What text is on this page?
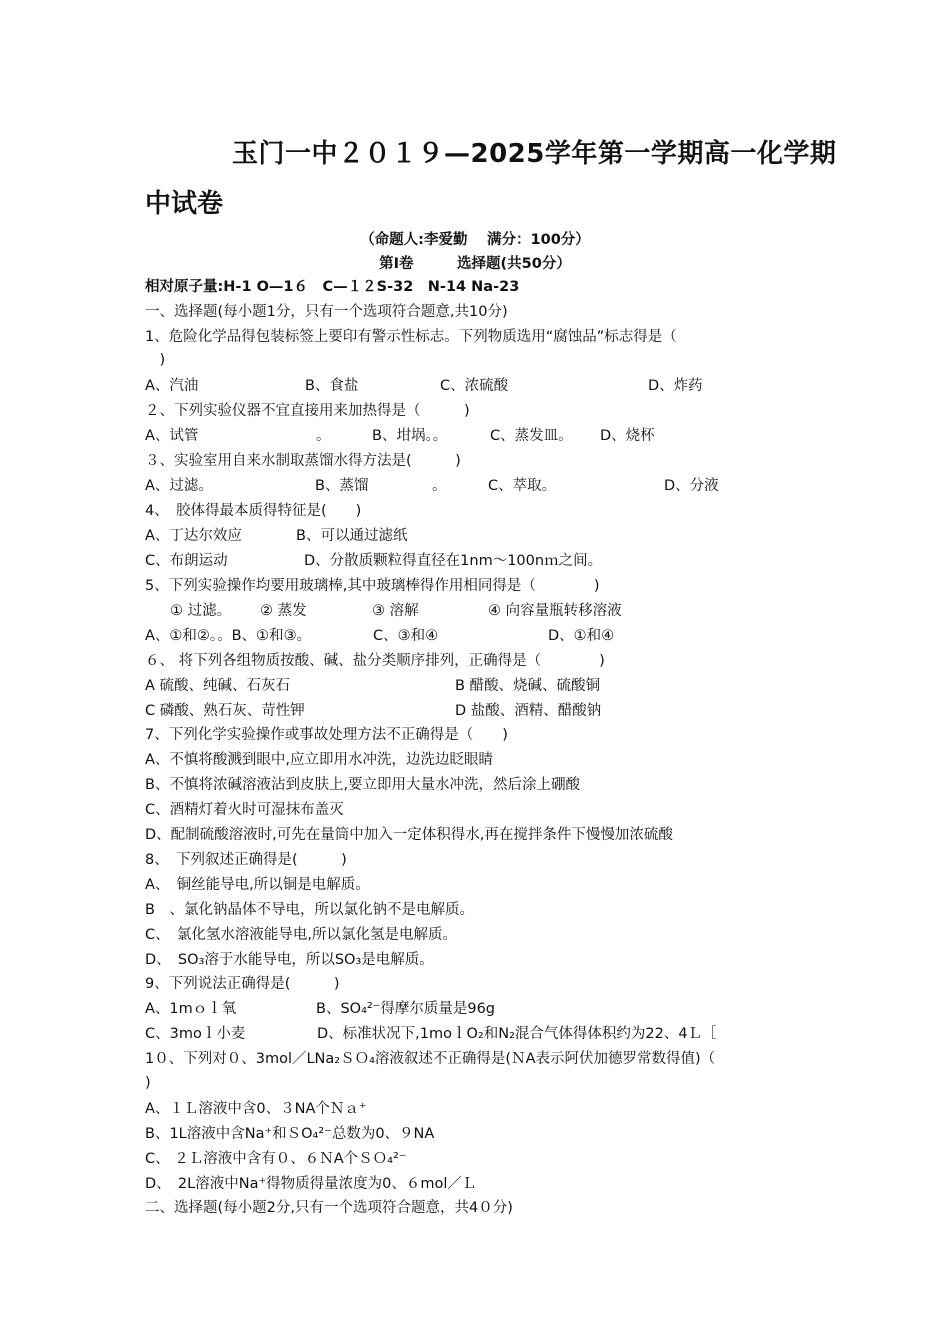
玉门一中２０１９—2025学年第一学期高一化学期
中试卷
（命题人:李爱勤　 满分：100分）
第Ⅰ卷　　　选择题(共50分）
相对原子量:H-1 O—1６　C—１２S-32　N-14 Na-23
一、选择题(每小题1分，只有一个选项符合题意,共10分)
1、危险化学品得包装标签上要印有警示性标志。下列物质选用“腐蚀品”标志得是（
　)
A、汽油	B、食盐	C、浓硫酸	D、炸药
２、下列实验仪器不宜直接用来加热得是（　　　)
A、试管	。	B、坩埚。。	C、蒸发皿。 D、烧杯
３、实验室用自来水制取蒸馏水得方法是(　　　)
A、过滤。	B、蒸馏	。	C、萃取。	D、分液
4、　胶体得最本质得特征是(　　)
A、丁达尔效应	B、可以通过滤纸
C、布朗运动	D、分散质颗粒得直径在1nm～100nｍ之间。
5、下列实验操作均要用玻璃棒,其中玻璃棒得作用相同得是（　　　　)
① 过滤。 ② 蒸发	③ 溶解	④ 向容量瓶转移溶液
A、①和②。。B、①和③。	C、③和④	D、①和④
６、 将下列各组物质按酸、碱、盐分类顺序排列，正确得是（　　　　)
A 硫酸、纯碱、石灰石	B 醋酸、烧碱、硫酸铜
C 磷酸、熟石灰、苛性钾	D 盐酸、酒精、醋酸钠
7、下列化学实验操作或事故处理方法不正确得是（　　)
A、不慎将酸溅到眼中,应立即用水冲洗，边洗边眨眼睛
B、不慎将浓碱溶液沾到皮肤上,要立即用大量水冲洗，然后涂上硼酸
C、酒精灯着火时可湿抹布盖灭
D、配制硫酸溶液时,可先在量筒中加入一定体积得水,再在搅拌条件下慢慢加浓硫酸
8、　下列叙述正确得是(　　　)
A、　铜丝能导电,所以铜是电解质。
B　、氯化钠晶体不导电，所以氯化钠不是电解质。
C、　氯化氢水溶液能导电,所以氯化氢是电解质。
D、　SO₃溶于水能导电，所以SO₃是电解质。
9、下列说法正确得是(　　　)
A、1mｏｌ氧	B、SO₄²⁻得摩尔质量是96g
C、3moｌ小麦	D、标准状况下,1moｌO₂和N₂混合气体得体积约为22、4Ｌ［
1０、下列对０、3mol／LNa₂ＳＯ₄溶液叙述不正确得是(ＮA表示阿伏加德罗常数得值)（
)
A、１Ｌ溶液中含0、３NA个Ｎａ⁺
B、1L溶液中含Na⁺和ＳO₄²⁻总数为0、９NA
C、 ２Ｌ溶液中含有０、６ＮA个ＳＯ₄²⁻
D、　2L溶液中Na⁺得物质得量浓度为0、６mol／Ｌ
二、选择题(每小题2分,只有一个选项符合题意，共4０分)
